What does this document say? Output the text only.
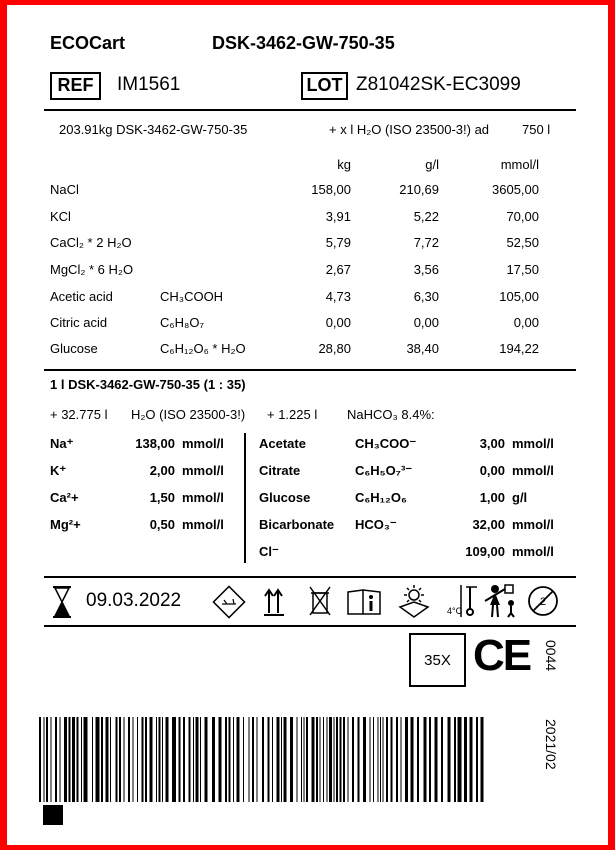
ECOCart	DSK-3462-GW-750-35
REF	IM1561	LOT Z81042SK-EC3099
203.91kg DSK-3462-GW-750-35	+ x l H₂O (ISO 23500-3!) ad	750 l
kg	g/l	mmol/l
NaCl	158,00	210,69	3605,00
KCl	3,91	5,22	70,00
CaCl₂ * 2 H₂O	5,79	7,72	52,50
MgCl₂ * 6 H₂O	2,67	3,56	17,50
Acetic acid	CH₃COOH	4,73	6,30	105,00
Citric acid	C₆H₈O₇	0,00	0,00	0,00
Glucose	C₆H₁₂O₆ * H₂O	28,80	38,40	194,22
1 l DSK-3462-GW-750-35 (1 : 35)
+ 32.775 l H₂O (ISO 23500-3!) + 1.225 l NaHCO₃ 8.4%:
Na⁺	138,00 mmol/l
K⁺	2,00 mmol/l
Ca²+	1,50 mmol/l
Mg²+	0,50 mmol/l
Acetate	CH₃COO⁻	3,00 mmol/l
Citrate	C₆H₅O₇³⁻	0,00 mmol/l
Glucose	C₆H₁₂O₆	1,00 g/l
Bicarbonate HCO₃⁻	32,00 mmol/l
Cl⁻	109,00 mmol/l
09.03.2022	4°C
2
35X CE 0044
2021/02
